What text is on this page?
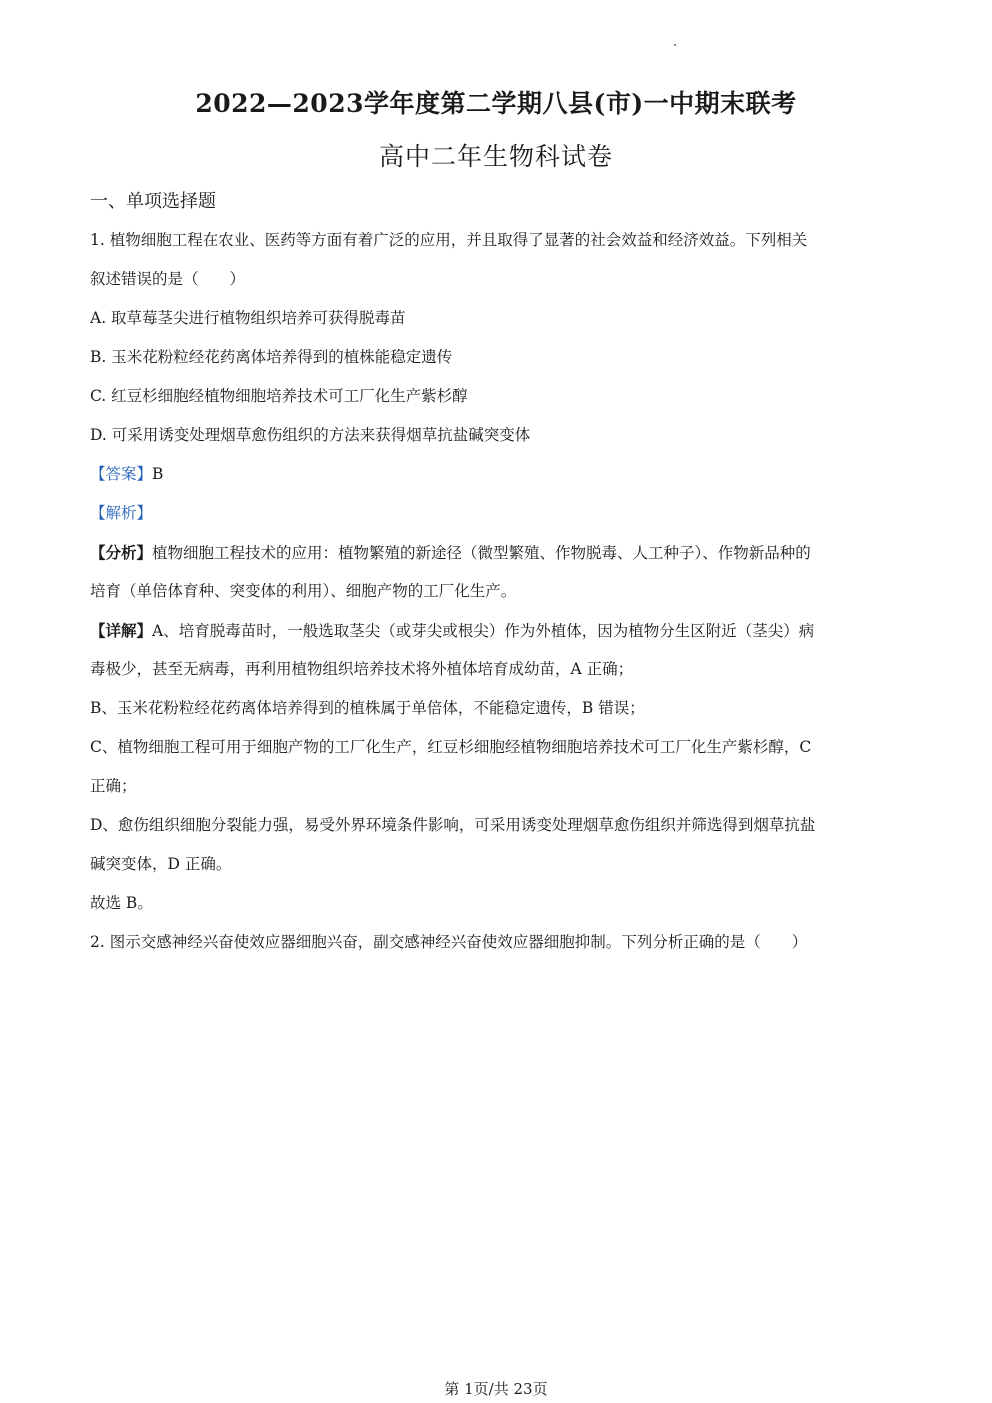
2022—2023学年度第二学期八县(市)一中期末联考
高中二年生物科试卷
一、单项选择题
1. 植物细胞工程在农业、医药等方面有着广泛的应用，并且取得了显著的社会效益和经济效益。下列相关
叙述错误的是（　　）
A. 取草莓茎尖进行植物组织培养可获得脱毒苗
B. 玉米花粉粒经花药离体培养得到的植株能稳定遗传
C. 红豆杉细胞经植物细胞培养技术可工厂化生产紫杉醇
D. 可采用诱变处理烟草愈伤组织的方法来获得烟草抗盐碱突变体
【答案】B
【解析】
【分析】植物细胞工程技术的应用：植物繁殖的新途径（微型繁殖、作物脱毒、人工种子）、作物新品种的
培育（单倍体育种、突变体的利用）、细胞产物的工厂化生产。
【详解】A、培育脱毒苗时，一般选取茎尖（或芽尖或根尖）作为外植体，因为植物分生区附近（茎尖）病
毒极少，甚至无病毒，再利用植物组织培养技术将外植体培育成幼苗，A 正确；
B、玉米花粉粒经花药离体培养得到的植株属于单倍体，不能稳定遗传，B 错误；
C、植物细胞工程可用于细胞产物的工厂化生产，红豆杉细胞经植物细胞培养技术可工厂化生产紫杉醇，C
正确；
D、愈伤组织细胞分裂能力强，易受外界环境条件影响，可采用诱变处理烟草愈伤组织并筛选得到烟草抗盐
碱突变体，D 正确。
故选 B。
2. 图示交感神经兴奋使效应器细胞兴奋，副交感神经兴奋使效应器细胞抑制。下列分析正确的是（　　）
第 1页/共 23页
